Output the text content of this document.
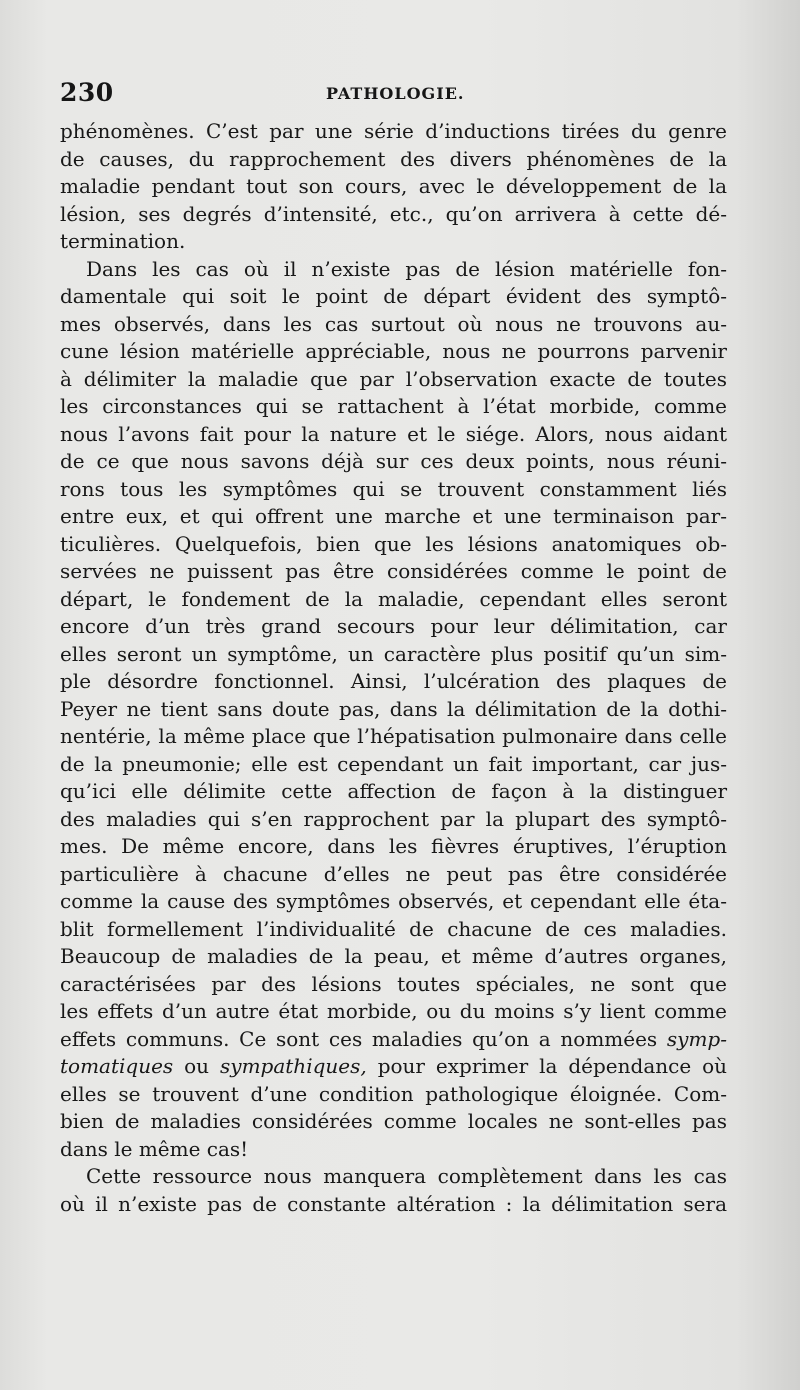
230	PATHOLOGIE.
phénomènes. C’est par une série d’inductions tirées du genre
de causes, du rapprochement des divers phénomènes de la
maladie pendant tout son cours, avec le développement de la
lésion, ses degrés d’intensité, etc., qu’on arrivera à cette dé-
termination.
Dans les cas où il n’existe pas de lésion matérielle fon-
damentale qui soit le point de départ évident des symptô-
mes observés, dans les cas surtout où nous ne trouvons au-
cune lésion matérielle appréciable, nous ne pourrons parvenir
à délimiter la maladie que par l’observation exacte de toutes
les circonstances qui se rattachent à l’état morbide, comme
nous l’avons fait pour la nature et le siége. Alors, nous aidant
de ce que nous savons déjà sur ces deux points, nous réuni-
rons tous les symptômes qui se trouvent constamment liés
entre eux, et qui offrent une marche et une terminaison par-
ticulières. Quelquefois, bien que les lésions anatomiques ob-
servées ne puissent pas être considérées comme le point de
départ, le fondement de la maladie, cependant elles seront
encore d’un très grand secours pour leur délimitation, car
elles seront un symptôme, un caractère plus positif qu’un sim-
ple désordre fonctionnel. Ainsi, l’ulcération des plaques de
Peyer ne tient sans doute pas, dans la délimitation de la dothi-
nentérie, la même place que l’hépatisation pulmonaire dans celle
de la pneumonie; elle est cependant un fait important, car jus-
qu’ici elle délimite cette affection de façon à la distinguer
des maladies qui s’en rapprochent par la plupart des symptô-
mes. De même encore, dans les fièvres éruptives, l’éruption
particulière à chacune d’elles ne peut pas être considérée
comme la cause des symptômes observés, et cependant elle éta-
blit formellement l’individualité de chacune de ces maladies.
Beaucoup de maladies de la peau, et même d’autres organes,
caractérisées par des lésions toutes spéciales, ne sont que
les effets d’un autre état morbide, ou du moins s’y lient comme
effets communs. Ce sont ces maladies qu’on a nommées symp-
tomatiques ou sympathiques, pour exprimer la dépendance où
elles se trouvent d’une condition pathologique éloignée. Com-
bien de maladies considérées comme locales ne sont-elles pas
dans le même cas!
Cette ressource nous manquera complètement dans les cas
où il n’existe pas de constante altération : la délimitation sera
